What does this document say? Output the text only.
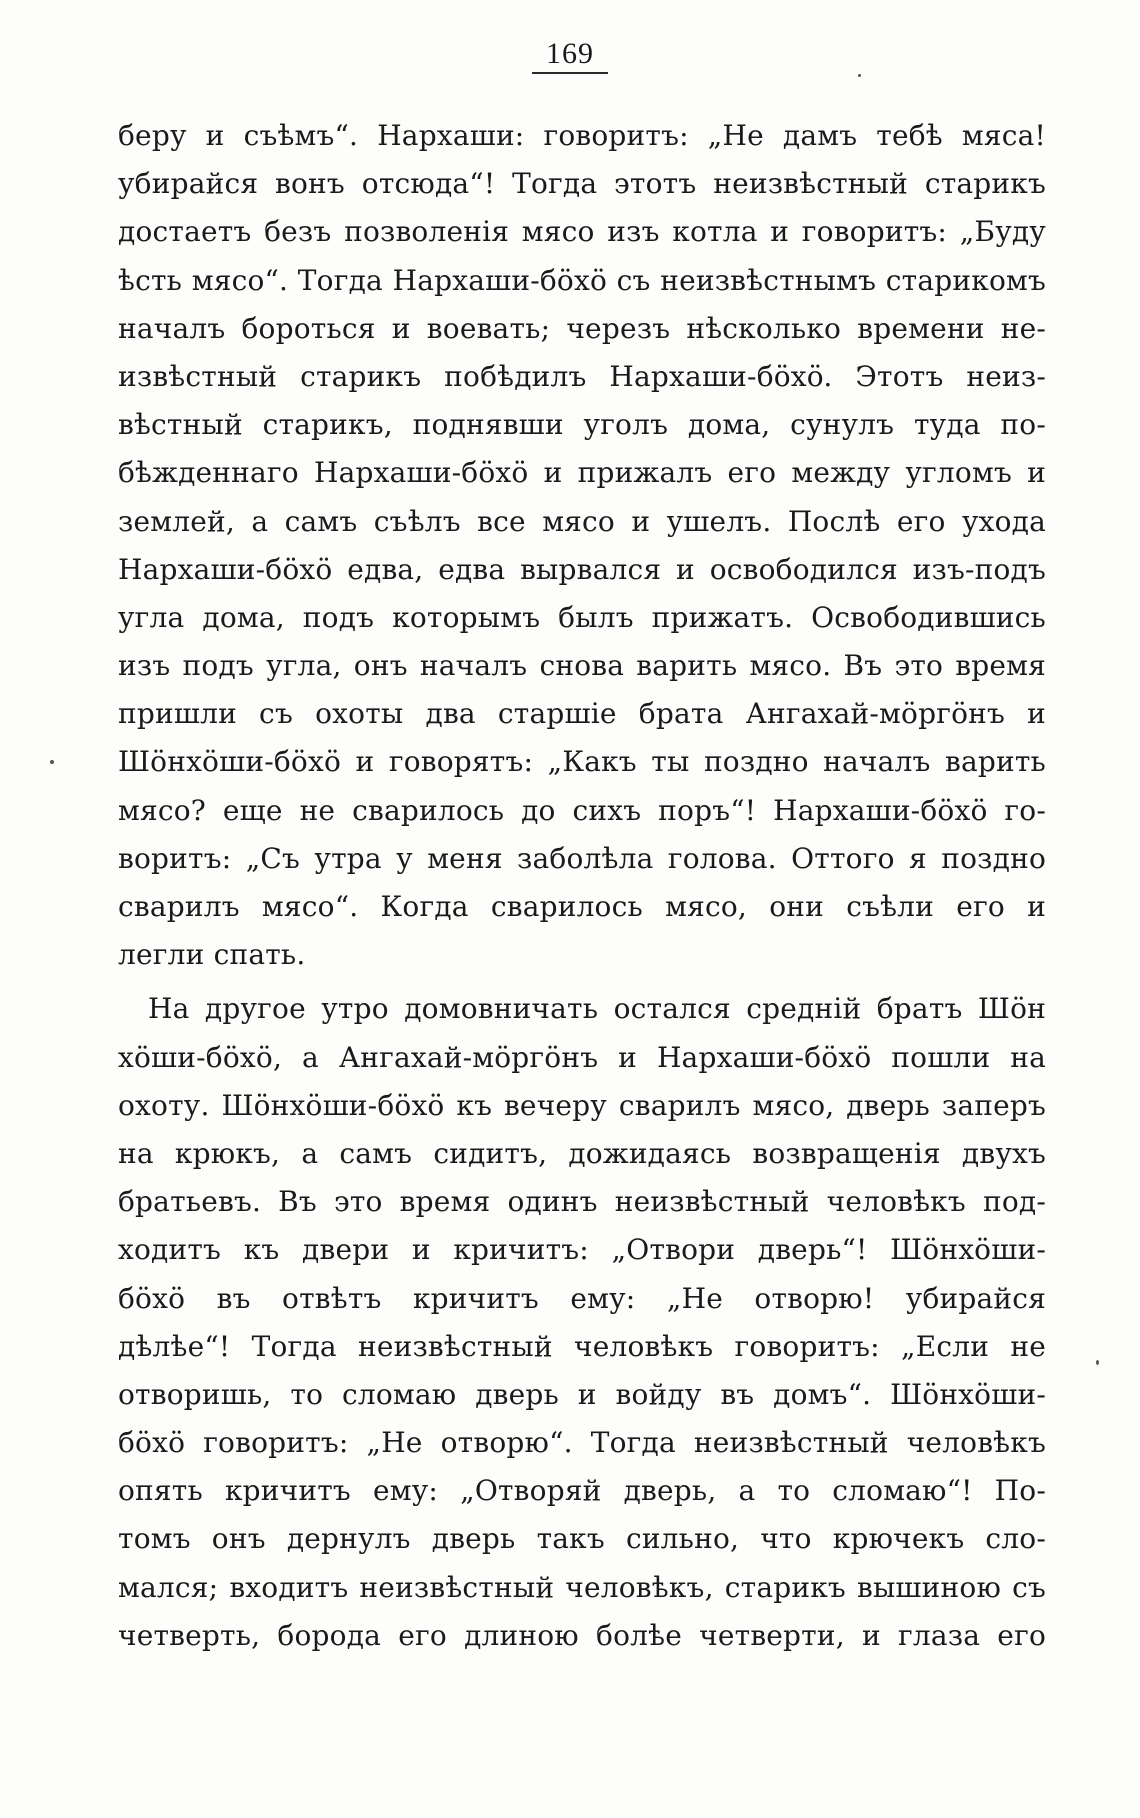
169
беру и съѣмъ“. Нарxаши: говоритъ: „Не дамъ тебѣ мяса!
убирайся вонъ отсюда“! Тогда этотъ неизвѣстный старикъ
достаетъ безъ позволенія мясо изъ котла и говоритъ: „Буду
ѣсть мясо“. Тогда Нарxаши-бöxö съ неизвѣстнымъ старикомъ
началъ бороться и воевать; черезъ нѣсколько времени не-
извѣстный старикъ побѣдилъ Нарxаши-бöxö. Этотъ неиз-
вѣстный старикъ, поднявши уголъ дома, сунулъ туда по-
бѣжденнаго Нарxаши-бöxö и прижалъ его между угломъ и
землей, а самъ съѣлъ все мясо и ушелъ. Послѣ его ухода
Нарxаши-бöxö едва, едва вырвался и освободился изъ-подъ
угла дома, подъ которымъ былъ прижатъ. Освободившись
изъ подъ угла, онъ началъ снова варить мясо. Въ это время
пришли съ охоты два старшіе брата Ангахай-мöргöнъ и
Шöнхöши-бöxö и говорятъ: „Какъ ты поздно началъ варить
мясо? еще не сварилось до сихъ поръ“! Нарxаши-бöxö го-
воритъ: „Съ утра у меня заболѣла голова. Оттого я поздно
сварилъ мясо“. Когда сварилось мясо, они съѣли его и
легли спать.
На другое утро домовничать остался средній братъ Шöн
хöши-бöxö, а Ангахай-мöргöнъ и Нарxаши-бöxö пошли на
охоту. Шöнхöши-бöxö къ вечеру сварилъ мясо, дверь заперъ
на крюкъ, а самъ сидитъ, дожидаясь возвращенія двухъ
братьевъ. Въ это время одинъ неизвѣстный человѣкъ под-
ходитъ къ двери и кричитъ: „Отвори дверь“! Шöнхöши-
бöxö въ отвѣтъ кричитъ ему: „Не отворю! убирайся
дѣлѣе“! Тогда неизвѣстный человѣкъ говоритъ: „Если не
отворишь, то сломаю дверь и войду въ домъ“. Шöнхöши-
бöxö говоритъ: „Не отворю“. Тогда неизвѣстный человѣкъ
опять кричитъ ему: „Отворяй дверь, а то сломаю“! По-
томъ онъ дернулъ дверь такъ сильно, что крючекъ сло-
мался; входитъ неизвѣстный человѣкъ, старикъ вышиною съ
четверть, борода его длиною болѣе четверти, и глаза его
